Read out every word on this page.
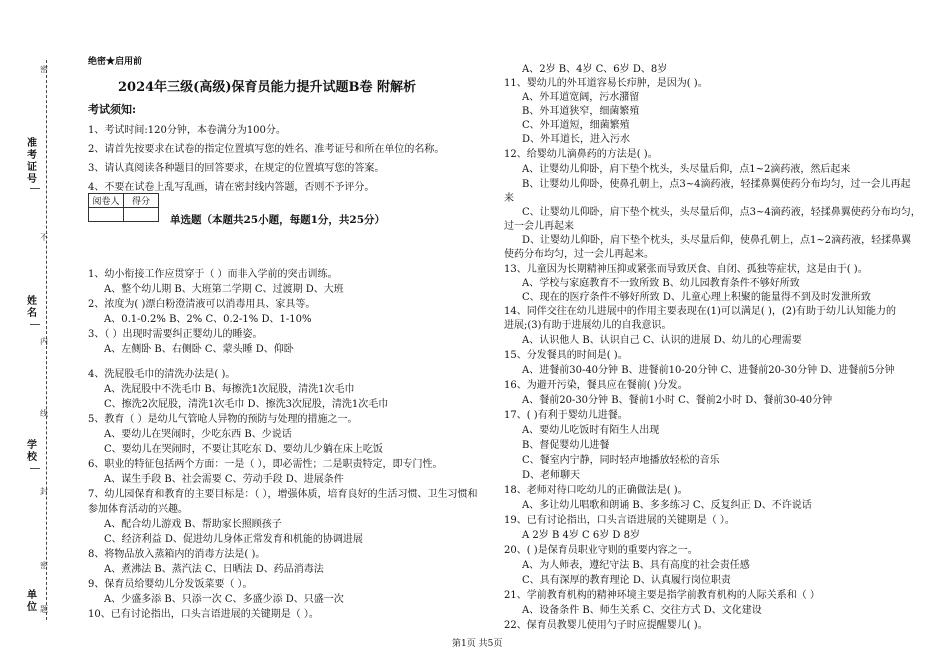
密
准考证号
不
姓名
内
线
学校
封
密
单位 题
绝密★启用前
2024年三级(高级)保育员能力提升试题B卷 附解析
考试须知:
1、考试时间:120分钟，本卷满分为100分。
2、请首先按要求在试卷的指定位置填写您的姓名、准考证号和所在单位的名称。
3、请认真阅读各种题目的回答要求，在规定的位置填写您的答案。
4、不要在试卷上乱写乱画，请在密封线内答题，否则不予评分。
阅卷人	得分

单选题（本题共25小题，每题1分，共25分）
1、幼小衔接工作应贯穿于（ ）而非入学前的突击训练。
A、整个幼儿期 B、大班第二学期 C、过渡期 D、大班
2、浓度为( )漂白粉澄清液可以消毒用具、家具等。
A、0.1-0.2% B、2% C、0.2-1% D、1-10%
3、（ ）出现时需要纠正婴幼儿的睡姿。
A、左侧卧 B、右侧卧 C、蒙头睡 D、仰卧
4、洗屁股毛巾的清洗办法是( )。
A、洗屁股中不洗毛巾 B、每擦洗1次屁股，清洗1次毛巾
C、擦洗2次屁股，清洗1次毛巾 D、擦洗3次屁股，清洗1次毛巾
5、教育（ ）是幼儿气管呛人异物的预防与处理的措施之一。
A、要幼儿在哭闹时，少吃东西 B、少说话
C、要幼儿在哭闹时，不要让其吃东 D、要幼儿少躺在床上吃饭
6、职业的特征包括两个方面：一是（ ），即必需性；二是职责特定，即专门性。
A、谋生手段 B、社会需要 C、劳动手段 D、进展条件
7、幼儿园保育和教育的主要目标是：（ ），增强体质，培育良好的生活习惯、卫生习惯和
参加体育活动的兴趣。
A、配合幼儿游戏 B、帮助家长照顾孩子
C、经济利益 D、促进幼儿身体正常发育和机能的协调进展
8、将物品放入蒸箱内的消毒方法是( )。
A、煮沸法 B、蒸汽法 C、日晒法 D、药品消毒法
9、保育员给婴幼儿分发饭菜要（ ）。
A、少盛多添 B、只添一次 C、多盛少添 D、只盛一次
10、已有讨论指出，口头言语进展的关键期是（ ）。
A、2岁 B、4岁 C、6岁 D、8岁
11、婴幼儿的外耳道容易长疖肿，是因为( )。
A、外耳道宽阔，污水潴留
B、外耳道狭窄，细菌繁殖
C、外耳道短，细菌繁殖
D、外耳道长，进入污水
12、给婴幼儿滴鼻药的方法是( )。
A、让婴幼儿仰卧，肩下垫个枕头，头尽量后仰，点1~2滴药液，然后起来
B、让婴幼儿仰卧，使鼻孔朝上，点3~4滴药液，轻揉鼻翼使药分布均匀，过一会儿再起
来
C、让婴幼儿仰卧，肩下垫个枕头，头尽量后仰，点3~4滴药液，轻揉鼻翼使药分布均匀，
过一会儿再起来
D、让婴幼儿仰卧，肩下垫个枕头，头尽量后仰，使鼻孔朝上，点1~2滴药液，轻揉鼻翼
使药分布均匀，过一会儿再起来。
13、儿童因为长期精神压抑或紧张而导致厌食、自闭、孤独等症状，这是由于( )。
A、学校与家庭教育不一致所致 B、幼儿园教育条件不够好所致
C、现在的医疗条件不够好所致 D、儿童心理上积聚的能量得不到及时发泄所致
14、同伴交往在幼儿进展中的作用主要表现在(1)可以满足( )，(2)有助于幼儿认知能力的
进展;(3)有助于进展幼儿的自我意识。
A、认识他人 B、认识自己 C、认识的进展 D、幼儿的心理需要
15、分发餐具的时间是( )。
A、进餐前30-40分钟 B、进餐前10-20分钟 C、进餐前20-30分钟 D、进餐前5分钟
16、为避开污染，餐具应在餐前( )分发。
A、餐前20-30分钟 B、餐前1小时 C、餐前2小时 D、餐前30-40分钟
17、( )有利于婴幼儿进餐。
A、要幼儿吃饭时有陌生人出现
B、督促婴幼儿进餐
C、餐室内宁静，同时轻声地播放轻松的音乐
D、老师聊天
18、老师对待口吃幼儿的正确做法是( )。
A、多让幼儿唱歌和朗诵 B、多多练习 C、反复纠正 D、不许说话
19、已有讨论指出，口头言语进展的关键期是（ ）。
A 2岁 B 4岁 C 6岁 D 8岁
20、( )是保育员职业守则的重要内容之一。
A、为人师表，遵纪守法 B、具有高度的社会责任感
C、具有深厚的教育理论 D、认真履行岗位职责
21、学前教育机构的精神环境主要是指学前教育机构的人际关系和（ ）
A、设备条件 B、师生关系 C、交往方式 D、文化建设
22、保育员教婴儿使用勺子时应提醒婴儿( )。
第1页 共5页
